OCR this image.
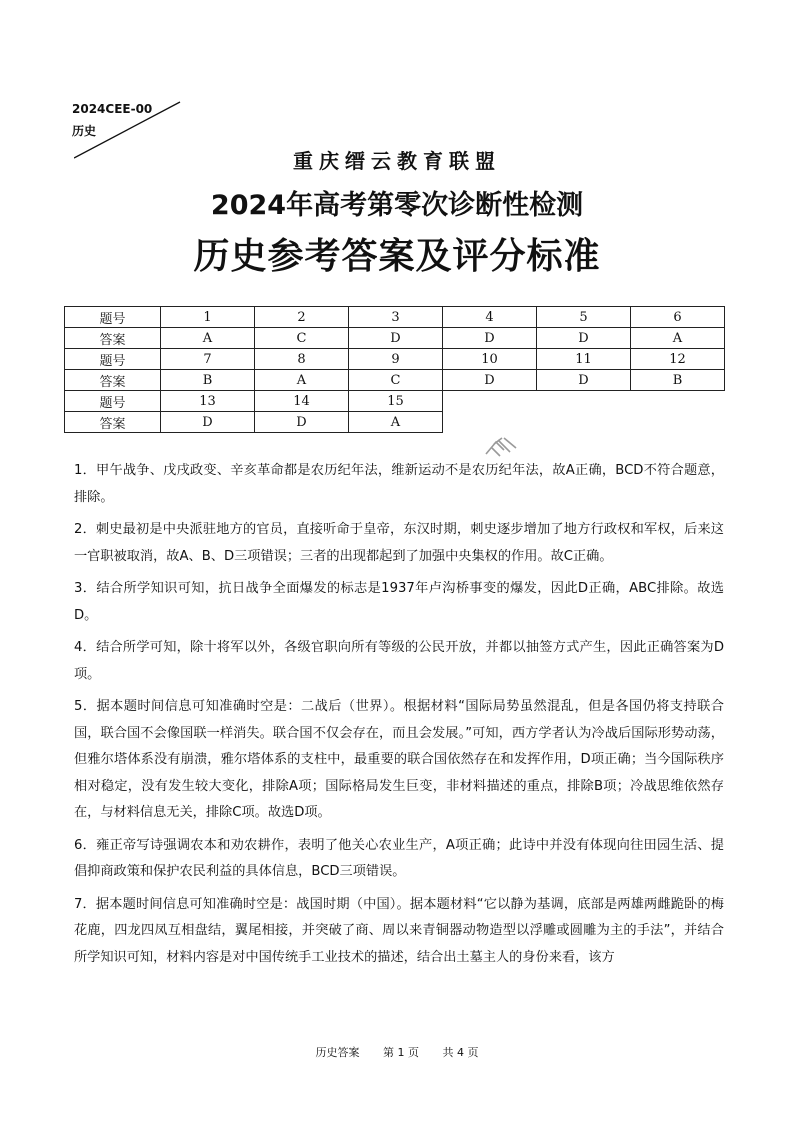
2024CEE-00
历史
重庆缙云教育联盟
2024年高考第零次诊断性检测
历史参考答案及评分标准
题号	1	2	3	4	5	6
答案	A	C	D	D	D	A
题号	7	8	9	10	11	12
答案	B	A	C	D	D	B
题号	13	14	15			
答案	D	D	A			

1．甲午战争、戊戌政变、辛亥革命都是农历纪年法，维新运动不是农历纪年法，故A正确，BCD不符合题意，排除。

2．刺史最初是中央派驻地方的官员，直接听命于皇帝，东汉时期，刺史逐步增加了地方行政权和军权，后来这一官职被取消，故A、B、D三项错误；三者的出现都起到了加强中央集权的作用。故C正确。

3．结合所学知识可知，抗日战争全面爆发的标志是1937年卢沟桥事变的爆发，因此D正确，ABC排除。故选D。

4．结合所学可知，除十将军以外，各级官职向所有等级的公民开放，并都以抽签方式产生，因此正确答案为D项。

5．据本题时间信息可知准确时空是：二战后（世界）。根据材料“国际局势虽然混乱，但是各国仍将支持联合国，联合国不会像国联一样消失。联合国不仅会存在，而且会发展。”可知，西方学者认为冷战后国际形势动荡，但雅尔塔体系没有崩溃，雅尔塔体系的支柱中，最重要的联合国依然存在和发挥作用，D项正确；当今国际秩序相对稳定，没有发生较大变化，排除A项；国际格局发生巨变，非材料描述的重点，排除B项；冷战思维依然存在，与材料信息无关，排除C项。故选D项。

6．雍正帝写诗强调农本和劝农耕作，表明了他关心农业生产，A项正确；此诗中并没有体现向往田园生活、提倡抑商政策和保护农民利益的具体信息，BCD三项错误。

7．据本题时间信息可知准确时空是：战国时期（中国）。据本题材料“它以静为基调，底部是两雄两雌跪卧的梅花鹿，四龙四凤互相盘结，翼尾相接，并突破了商、周以来青铜器动物造型以浮雕或圆雕为主的手法”，并结合所学知识可知，材料内容是对中国传统手工业技术的描述，结合出土墓主人的身份来看，该方

历史答案 第 1 页 共 4 页
